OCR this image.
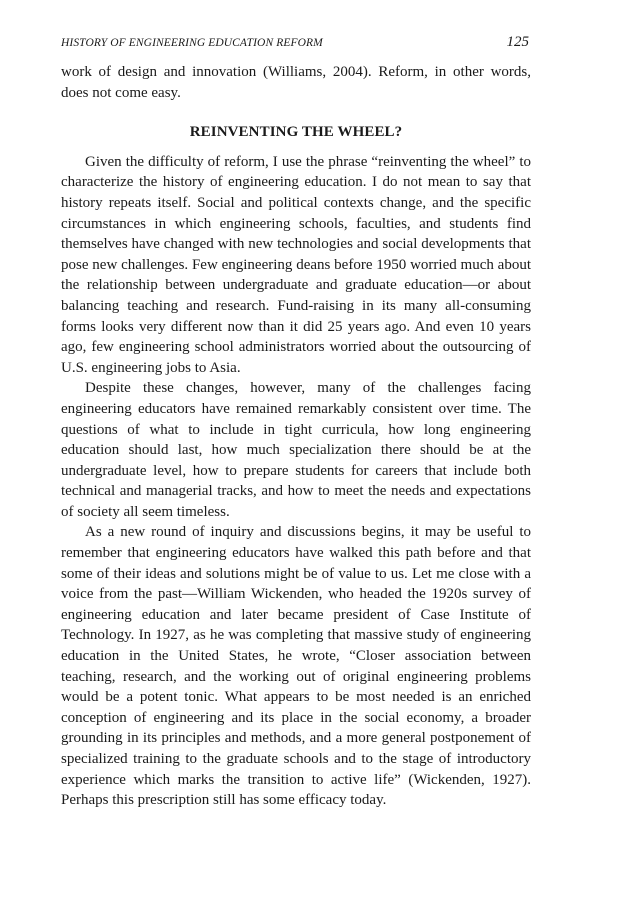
HISTORY OF ENGINEERING EDUCATION REFORM	125

work of design and innovation (Williams, 2004). Reform, in other words, does not come easy.

REINVENTING THE WHEEL?

Given the difficulty of reform, I use the phrase “reinventing the wheel” to characterize the history of engineering education. I do not mean to say that history repeats itself. Social and political contexts change, and the specific circumstances in which engineering schools, faculties, and students find themselves have changed with new technologies and social developments that pose new challenges. Few engineering deans before 1950 worried much about the relationship between undergraduate and graduate education—or about balancing teaching and research. Fund-raising in its many all-consuming forms looks very different now than it did 25 years ago. And even 10 years ago, few engineering school administrators worried about the outsourcing of U.S. engineering jobs to Asia.

Despite these changes, however, many of the challenges facing engineering educators have remained remarkably consistent over time. The questions of what to include in tight curricula, how long engineering education should last, how much specialization there should be at the undergraduate level, how to prepare students for careers that include both technical and managerial tracks, and how to meet the needs and expectations of society all seem timeless.

As a new round of inquiry and discussions begins, it may be useful to remember that engineering educators have walked this path before and that some of their ideas and solutions might be of value to us. Let me close with a voice from the past—William Wickenden, who headed the 1920s survey of engineering education and later became president of Case Institute of Technology. In 1927, as he was completing that massive study of engineering education in the United States, he wrote, “Closer association between teaching, research, and the working out of original engineering problems would be a potent tonic. What appears to be most needed is an enriched conception of engineering and its place in the social economy, a broader grounding in its principles and methods, and a more general postponement of specialized training to the graduate schools and to the stage of introductory experience which marks the transition to active life” (Wickenden, 1927). Perhaps this prescription still has some efficacy today.
